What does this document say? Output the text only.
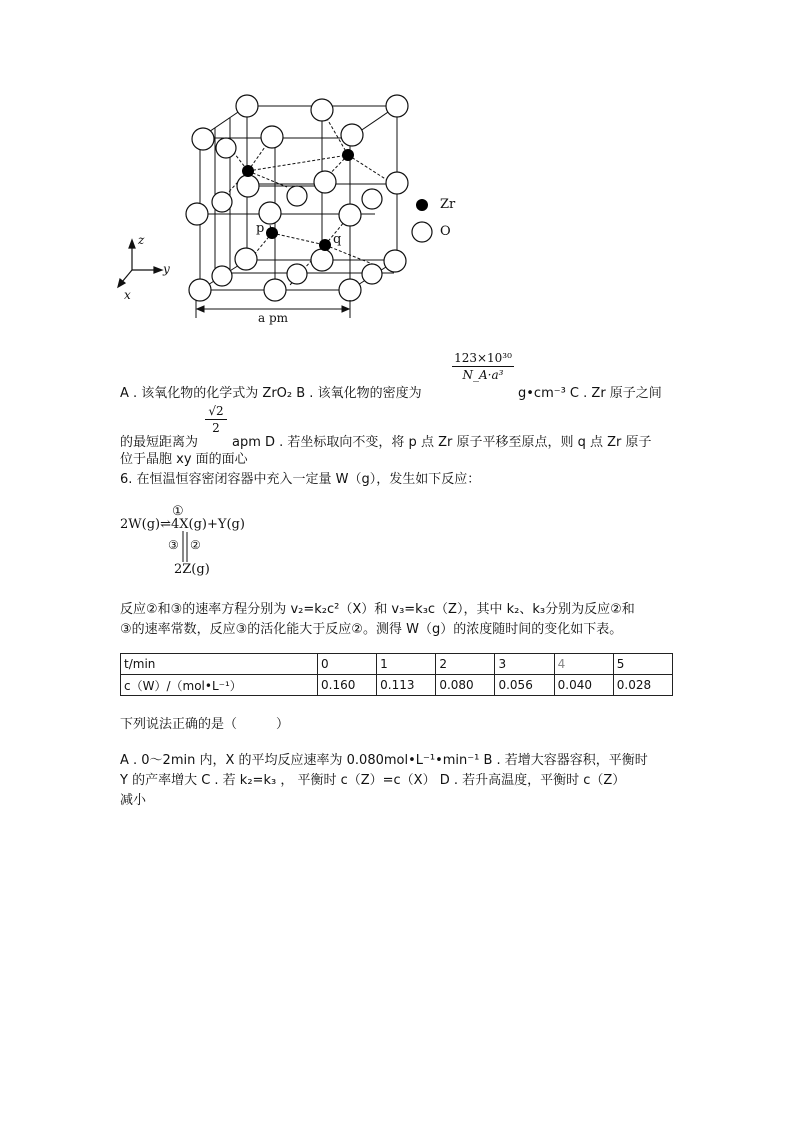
Zr
O
z
y
x
p
q
a pm
123×10³⁰
N_A·a³
A . 该氧化物的化学式为 ZrO₂ B . 该氧化物的密度为	g•cm⁻³ C . Zr 原子之间
√2
2
的最短距离为	apm D . 若坐标取向不变，将 p 点 Zr 原子平移至原点，则 q 点 Zr 原子
位于晶胞 xy 面的面心
6. 在恒温恒容密闭容器中充入一定量 W（g），发生如下反应：
①
2W(g)⇌4X(g)+Y(g)
③ ②
2Z(g)
反应②和③的速率方程分别为 v₂=k₂c²（X）和 v₃=k₃c（Z），其中 k₂、k₃分别为反应②和
③的速率常数，反应③的活化能大于反应②。测得 W（g）的浓度随时间的变化如下表。
t/min	0	1	2	3	4	5
c（W）/（mol•L⁻¹）	0.160	0.113	0.080	0.056	0.040	0.028
下列说法正确的是（　　　）
A . 0～2min 内，X 的平均反应速率为 0.080mol•L⁻¹•min⁻¹ B . 若增大容器容积，平衡时
Y 的产率增大 C . 若 k₂=k₃ ， 平衡时 c（Z）=c（X） D . 若升高温度，平衡时 c（Z）
减小
